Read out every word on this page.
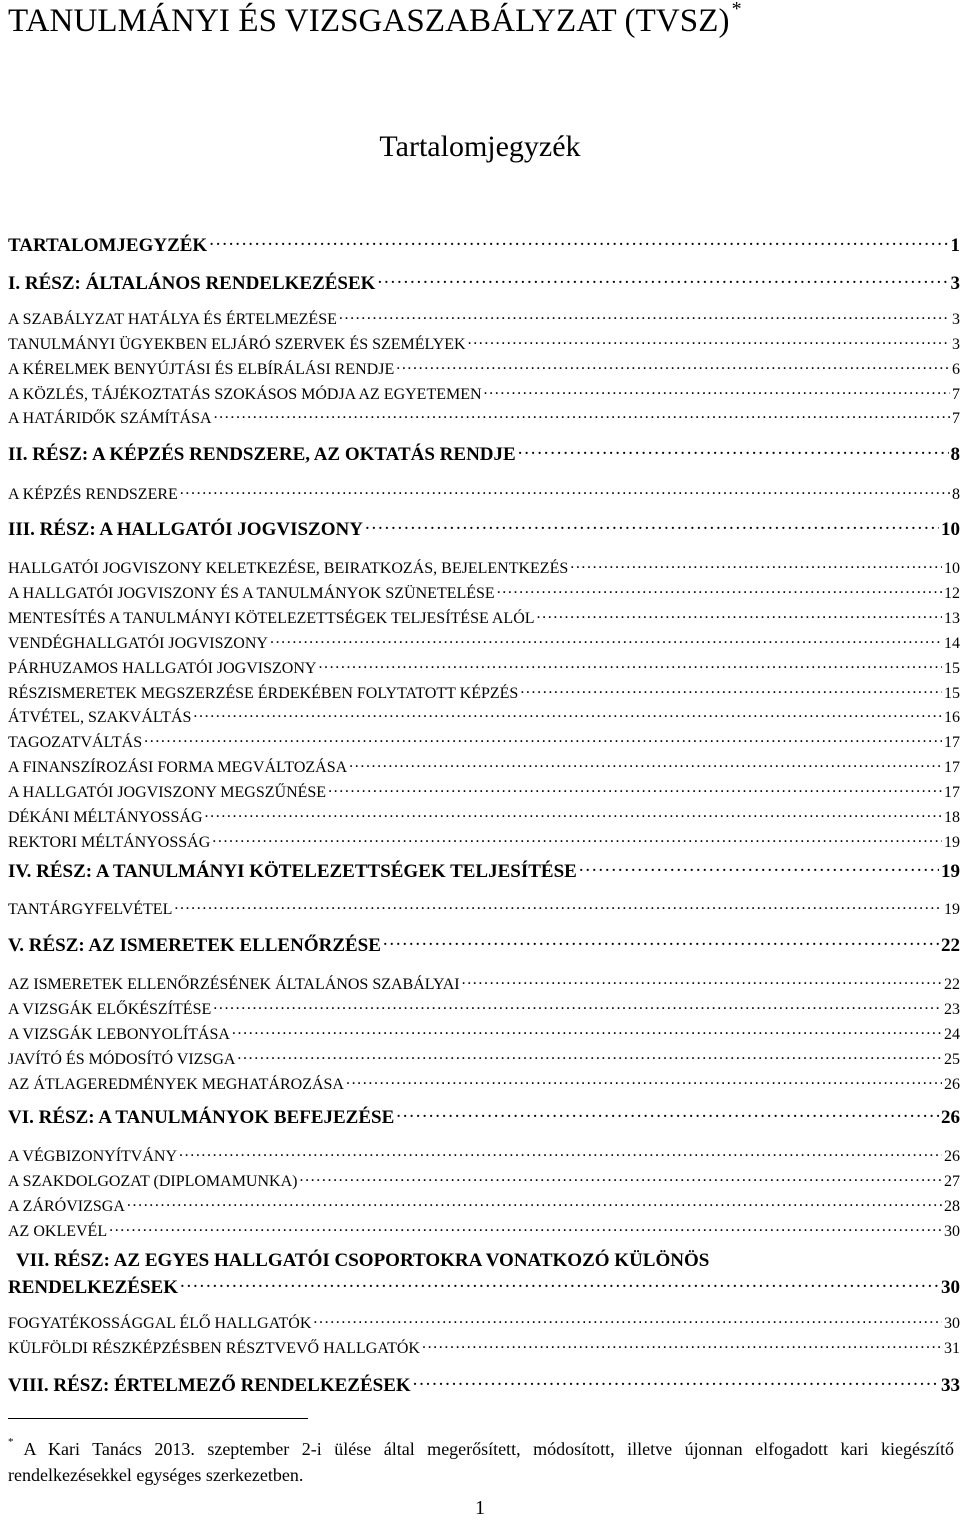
TANULMÁNYI ÉS VIZSGASZABÁLYZAT (TVSZ) *
Tartalomjegyzék
TARTALOMJEGYZÉK . . .	1
I. RÉSZ: ÁLTALÁNOS RENDELKEZÉSEK . . .	3
A SZABÁLYZAT HATÁLYA ÉS ÉRTELMEZÉSE . . .	3
TANULMÁNYI ÜGYEKBEN ELJÁRÓ SZERVEK ÉS SZEMÉLYEK . . .	3
A KÉRELMEK BENYÚJTÁSI ÉS ELBÍRÁLÁSI RENDJE . . .	6
A KÖZLÉS, TÁJÉKOZTATÁS SZOKÁSOS MÓDJA AZ EGYETEMEN . . .	7
A HATÁRIDŐK SZÁMÍTÁSA . . .	7
II. RÉSZ: A KÉPZÉS RENDSZERE, AZ OKTATÁS RENDJE . . .	8
A KÉPZÉS RENDSZERE . . .	8
III. RÉSZ: A HALLGATÓI JOGVISZONY . . .	10
HALLGATÓI JOGVISZONY KELETKEZÉSE, BEIRATKOZÁS, BEJELENTKEZÉS . . .	10
A HALLGATÓI JOGVISZONY ÉS A TANULMÁNYOK SZÜNETELÉSE . . .	12
MENTESÍTÉS A TANULMÁNYI KÖTELEZETTSÉGEK TELJESÍTÉSE ALÓL . . .	13
VENDÉGHALLGATÓI JOGVISZONY . . .	14
PÁRHUZAMOS HALLGATÓI JOGVISZONY . . .	15
RÉSZISMERETEK MEGSZERZÉSE ÉRDEKÉBEN FOLYTATOTT KÉPZÉS . . .	15
ÁTVÉTEL, SZAKVÁLTÁS . . .	16
TAGOZATVÁLTÁS . . .	17
A FINANSZÍROZÁSI FORMA MEGVÁLTOZÁSA . . .	17
A HALLGATÓI JOGVISZONY MEGSZŰNÉSE . . .	17
DÉKÁNI MÉLTÁNYOSSÁG . . .	18
REKTORI MÉLTÁNYOSSÁG . . .	19
IV. RÉSZ: A TANULMÁNYI KÖTELEZETTSÉGEK TELJESÍTÉSE . . .	19
TANTÁRGYFELVÉTEL . . .	19
V. RÉSZ: AZ ISMERETEK ELLENŐRZÉSE . . .	22
AZ ISMERETEK ELLENŐRZÉSÉNEK ÁLTALÁNOS SZABÁLYAI . . .	22
A VIZSGÁK ELŐKÉSZÍTÉSE . . .	23
A VIZSGÁK LEBONYOLÍTÁSA . . .	24
JAVÍTÓ ÉS MÓDOSÍTÓ VIZSGA . . .	25
AZ ÁTLAGEREDMÉNYEK MEGHATÁROZÁSA . . .	26
VI. RÉSZ: A TANULMÁNYOK BEFEJEZÉSE . . .	26
A VÉGBIZONYÍTVÁNY . . .	26
A SZAKDOLGOZAT (DIPLOMAMUNKA) . . .	27
A ZÁRÓVIZSGA . . .	28
AZ OKLEVÉL . . .	30
VII. RÉSZ: AZ EGYES HALLGATÓI CSOPORTOKRA VONATKOZÓ KÜLÖNÖS
RENDELKEZÉSEK . . .	30
FOGYATÉKOSSÁGGAL ÉLŐ HALLGATÓK . . .	30
KÜLFÖLDI RÉSZKÉPZÉSBEN RÉSZTVEVŐ HALLGATÓK . . .	31
VIII. RÉSZ: ÉRTELMEZŐ RENDELKEZÉSEK . . .	33
* A Kari Tanács 2013. szeptember 2-i ülése által megerősített, módosított, illetve újonnan elfogadott kari kiegészítő rendelkezésekkel egységes szerkezetben.
1
